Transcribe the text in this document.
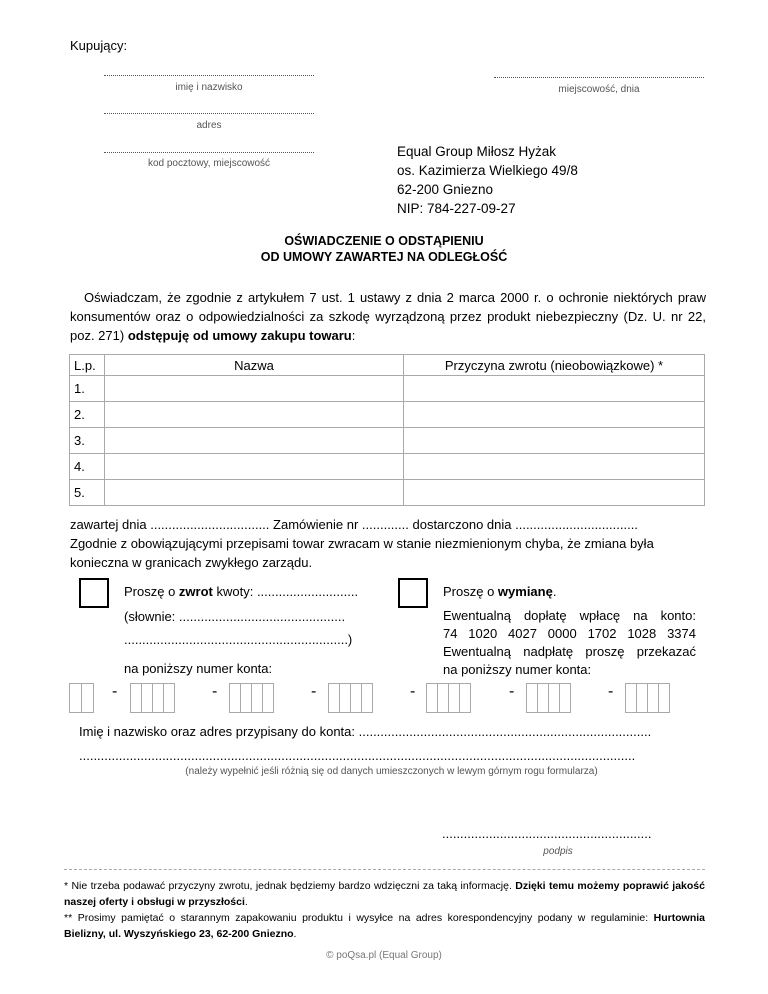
Kupujący:
imię i nazwisko	miejscowość, dnia
adres
kod pocztowy, miejscowość
Equal Group Miłosz Hyżak
os. Kazimierza Wielkiego 49/8
62-200 Gniezno
NIP: 784-227-09-27
OŚWIADCZENIE O ODSTĄPIENIU
OD UMOWY ZAWARTEJ NA ODLEGŁOŚĆ
Oświadczam, że zgodnie z artykułem 7 ust. 1 ustawy z dnia 2 marca 2000 r. o ochronie niektórych praw konsumentów oraz o odpowiedzialności za szkodę wyrządzoną przez produkt niebezpieczny (Dz. U. nr 22, poz. 271) odstępuję od umowy zakupu towaru:
L.p.	Nazwa	Przyczyna zwrotu (nieobowiązkowe) *
1.		
2.		
3.		
4.		
5.		
zawartej dnia ................................. Zamówienie nr ............. dostarczono dnia ..................................
Zgodnie z obowiązującymi przepisami towar zwracam w stanie niezmienionym chyba, że zmiana była konieczna w granicach zwykłego zarządu.
Proszę o zwrot kwoty: ............................
(słownie: ..............................................
..............................................................)
na poniższy numer konta:
Proszę o wymianę.
Ewentualną dopłatę wpłacę na konto:
74 1020 4027 0000 1702 1028 3374
Ewentualną nadpłatę proszę przekazać
na poniższy numer konta:
-	-	-	-	-	-
Imię i nazwisko oraz adres przypisany do konta: .................................................................................
..........................................................................................................................................................
(należy wypełnić jeśli różnią się od danych umieszczonych w lewym górnym rogu formularza)
..........................................................
podpis
* Nie trzeba podawać przyczyny zwrotu, jednak będziemy bardzo wdzięczni za taką informację. Dzięki temu możemy poprawić jakość naszej oferty i obsługi w przyszłości.
** Prosimy pamiętać o starannym zapakowaniu produktu i wysyłce na adres korespondencyjny podany w regulaminie: Hurtownia Bielizny, ul. Wyszyńskiego 23, 62-200 Gniezno.
© poQsa.pl (Equal Group)
